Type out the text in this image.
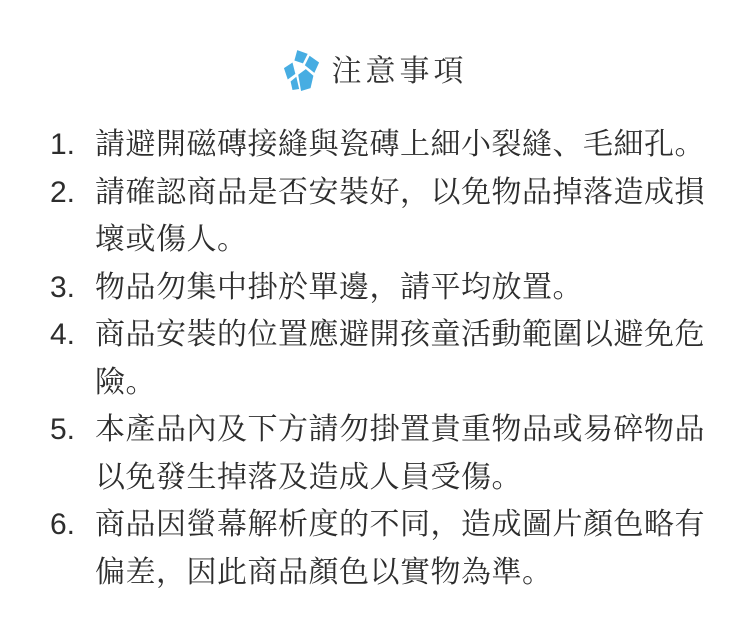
注意事項
1. 請避開磁磚接縫與瓷磚上細小裂縫、毛細孔。
2. 請確認商品是否安裝好，以免物品掉落造成損壞或傷人。
3. 物品勿集中掛於單邊，請平均放置。
4. 商品安裝的位置應避開孩童活動範圍以避免危險。
5. 本產品內及下方請勿掛置貴重物品或易碎物品以免發生掉落及造成人員受傷。
6. 商品因螢幕解析度的不同，造成圖片顏色略有偏差，因此商品顏色以實物為準。
